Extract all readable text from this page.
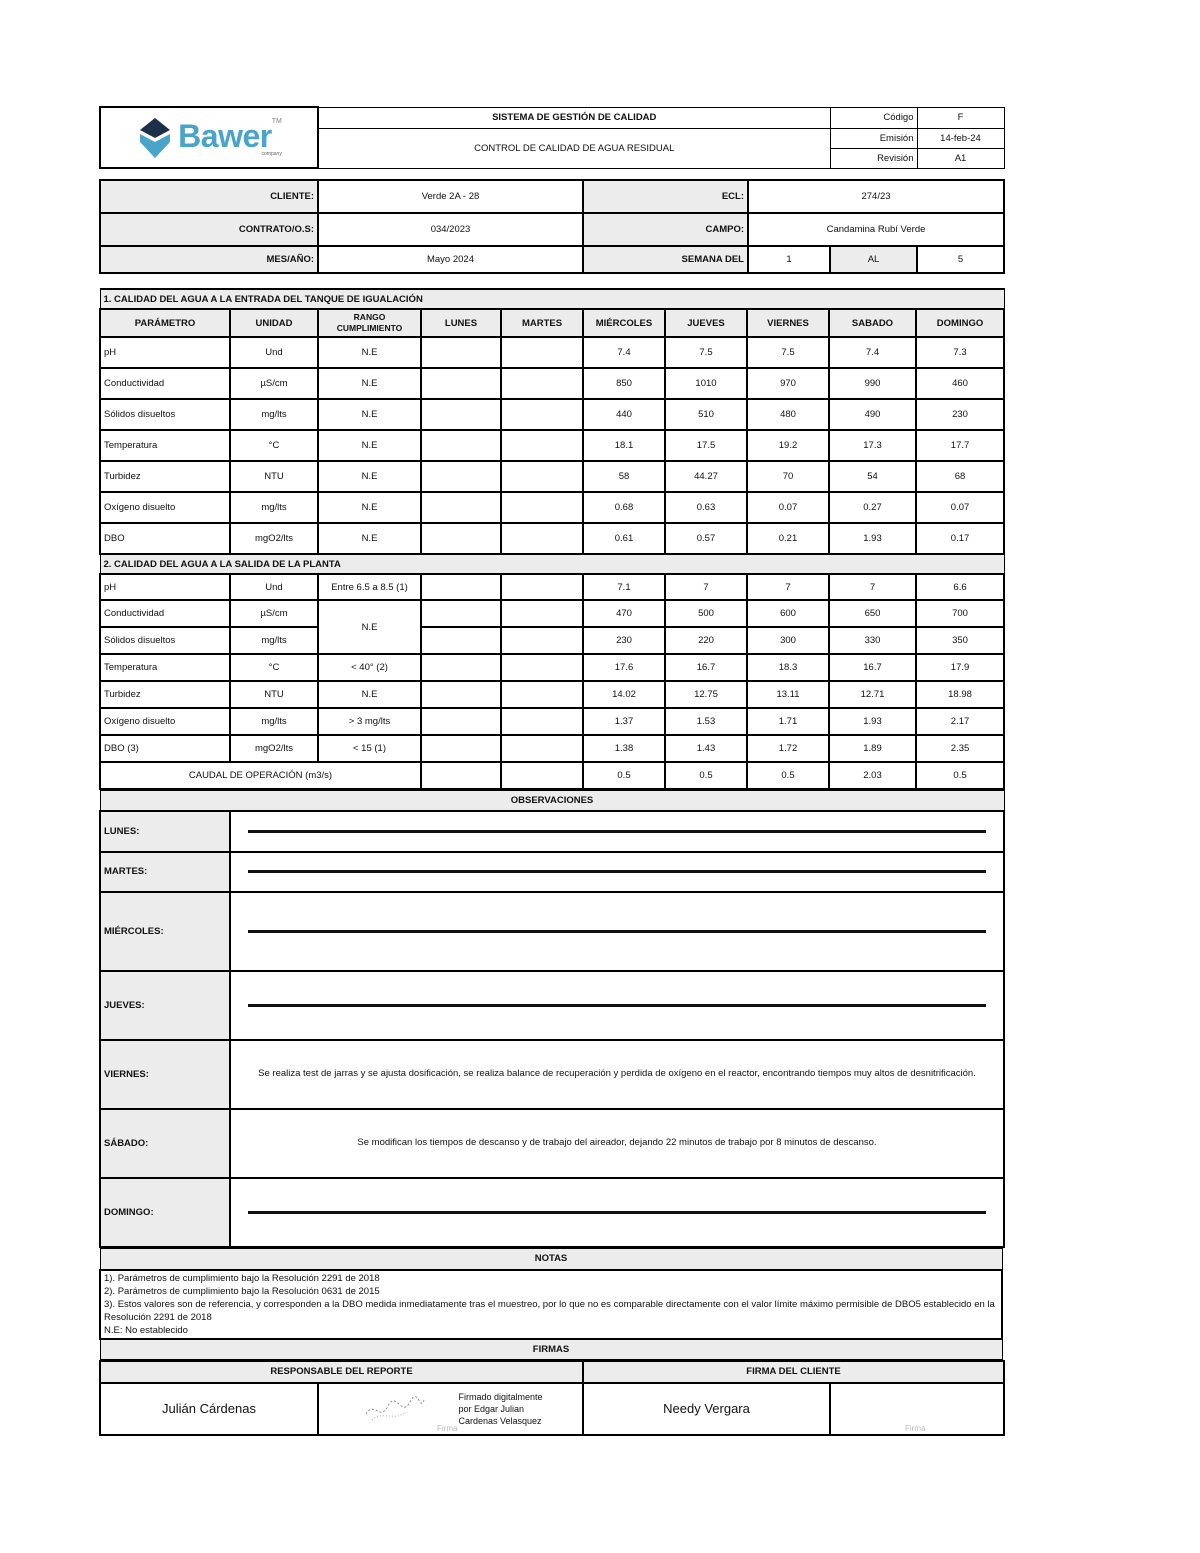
Bawer™
company	SISTEMA DE GESTIÓN DE CALIDAD	Código	F
	CONTROL DE CALIDAD DE AGUA RESIDUAL	Emisión	14-feb-24
		Revisión	A1
CLIENTE:	Verde 2A - 28	ECL:	274/23		
CONTRATO/O.S:	034/2023	CAMPO:	Candamina Rubí Verde		
MES/AÑO:	Mayo 2024	SEMANA DEL	1	AL	5
1. CALIDAD DEL AGUA A LA ENTRADA DEL TANQUE DE IGUALACIÓN									
PARÁMETRO	UNIDAD	RANGO CUMPLIMIENTO	LUNES	MARTES	MIÉRCOLES	JUEVES	VIERNES	SABADO	DOMINGO
pH	Und	N.E			7.4	7.5	7.5	7.4	7.3
Conductividad	µS/cm	N.E			850	1010	970	990	460
Sólidos disueltos	mg/lts	N.E			440	510	480	490	230
Temperatura	°C	N.E			18.1	17.5	19.2	17.3	17.7
Turbidez	NTU	N.E			58	44.27	70	54	68
Oxígeno disuelto	mg/lts	N.E			0.68	0.63	0.07	0.27	0.07
DBO	mgO2/lts	N.E			0.61	0.57	0.21	1.93	0.17
2. CALIDAD DEL AGUA A LA SALIDA DE LA PLANTA									
pH	Und	Entre 6.5 a 8.5 (1)			7.1	7	7	7	6.6
Conductividad	µS/cm	N.E			470	500	600	650	700
Sólidos disueltos	mg/lts				230	220	300	330	350
Temperatura	°C	< 40° (2)			17.6	16.7	18.3	16.7	17.9
Turbidez	NTU	N.E			14.02	12.75	13.11	12.71	18.98
Oxígeno disuelto	mg/lts	> 3 mg/lts			1.37	1.53	1.71	1.93	2.17
DBO (3)	mgO2/lts	< 15 (1)			1.38	1.43	1.72	1.89	2.35
CAUDAL DE OPERACIÓN (m3/s)					0.5	0.5	0.5	2.03	0.5
OBSERVACIONES	
LUNES:	

MARTES:	

MIÉRCOLES:	

JUEVES:	

VIERNES:	Se realiza test de jarras y se ajusta dosificación, se realiza balance de recuperación y perdida de oxígeno en el reactor, encontrando tiempos muy altos de desnitrificación.
SÁBADO:	Se modifican los tiempos de descanso y de trabajo del aireador, dejando 22 minutos de trabajo por 8 minutos de descanso.
DOMINGO:	
NOTAS

1). Parámetros de cumplimiento bajo la Resolución 2291 de 2018
2). Parámetros de cumplimiento bajo la Resolución 0631 de 2015
3). Estos valores son de referencia, y corresponden a la DBO medida inmediatamente tras el muestreo, por lo que no es comparable directamente con el valor límite máximo permisible de DBO5 establecido en la Resolución 2291 de 2018
N.E: No establecido

FIRMAS
RESPONSABLE DEL REPORTE		FIRMA DEL CLIENTE	
Julián Cárdenas	Firmado digitalmente
por Edgar Julian
Cardenas Velasquez
Firma	Needy Vergara	Firma
